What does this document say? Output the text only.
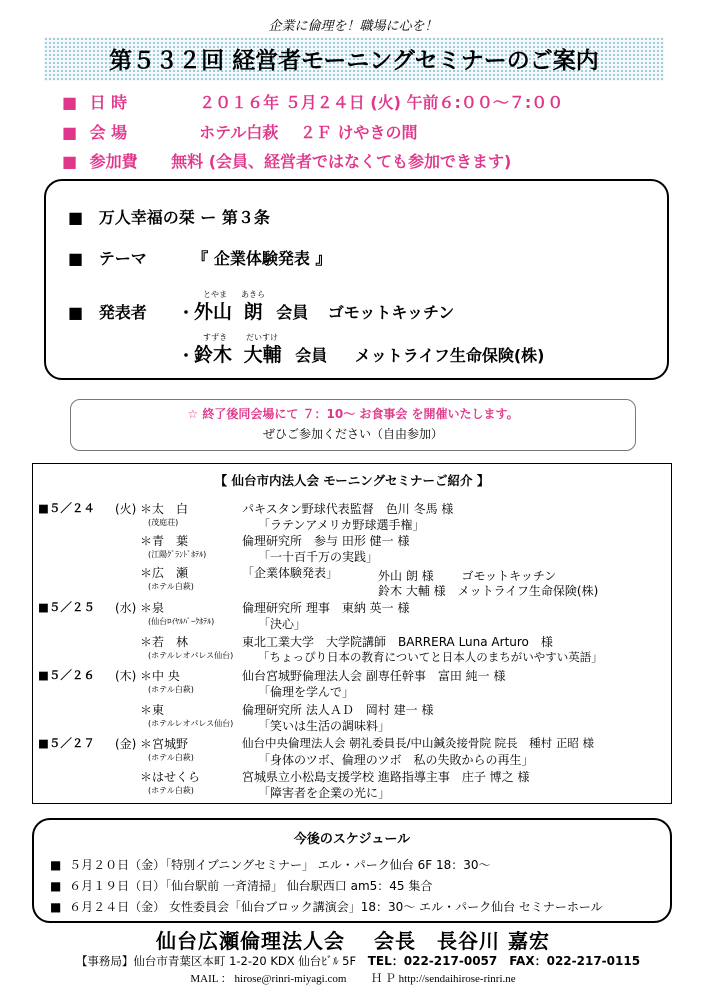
企業に倫理を！職場に心を！
第５３２回 経営者モーニングセミナーのご案内
■ 日 時	２０１６年 ５月２４日 (火) 午前６:００～７:００
■ 会 場	ホテル白萩　 ２Ｆ けやきの間
■ 参加費 無料 (会員、経営者ではなくても参加できます)
■ 万人幸福の栞 ー 第３条
■ テーマ	『 企業体験発表 』
■ 発表者
とやま あきら
・外山 朗 会員 ゴモットキッチン
すずき だいすけ
・鈴木 大輔 会員 メットライフ生命保険(株)
☆ 終了後同会場にて ７：10～ お食事会 を開催いたします。
ぜひご参加ください（自由参加）
【 仙台市内法人会 モーニングセミナーご紹介 】
■５／２４ (火) ＊太　白
(茂庭荘)
パキスタン野球代表監督　色川 冬馬 様
「ラテンアメリカ野球選手権」
＊青　葉
(江陽ｸﾞﾗﾝﾄﾞﾎﾃﾙ)
倫理研究所　参与 田形 健一 様
「一十百千万の実践」
＊広　瀬
(ホテル白萩)
「企業体験発表」	外山 朗 様　　 ゴモットキッチン
鈴木 大輔 様　メットライフ生命保険(株)
■５／２５ (水) ＊泉
(仙台ﾛｲﾔﾙﾊﾟｰｸﾎﾃﾙ)
倫理研究所 理事　東納 英一 様
「決心」
＊若　林
(ホテルレオパレス仙台)
東北工業大学　大学院講師　BARRERA Luna Arturo　様
「ちょっぴり日本の教育についてと日本人のまちがいやすい英語」
■５／２６ (木) ＊中 央
(ホテル白萩)
仙台宮城野倫理法人会 副専任幹事　富田 純一 様
「倫理を学んで」
＊東
(ホテルレオパレス仙台)
倫理研究所 法人ＡＤ　岡村 建一 様
「笑いは生活の調味料」
■５／２７ (金) ＊宮城野
(ホテル白萩)
仙台中央倫理法人会 朝礼委員長/中山鍼灸接骨院 院長　種村 正昭 様
「身体のツボ、倫理のツボ　私の失敗からの再生」
＊はせくら
(ホテル白萩)
宮城県立小松島支援学校 進路指導主事　庄子 博之 様
「障害者を企業の光に」
今後のスケジュール
■ ５月２０日（金）「特別イブニングセミナー」 エル・パーク仙台 6F 18：30～
■ ６月１９日（日）「仙台駅前 一斉清掃」 仙台駅西口 am5：45 集合
■ ６月２４日（金） 女性委員会「仙台ブロック講演会」18：30～ エル・パーク仙台 セミナーホール
仙台広瀬倫理法人会　 会長　長谷川 嘉宏
【事務局】仙台市青葉区本町 1-2-20 KDX 仙台ﾋﾞﾙ 5F TEL：022-217-0057　FAX：022-217-0115
MAIL ： hirose@rinri-miyagi.com　　 Ｈ Ｐ http://sendaihirose-rinri.ne
